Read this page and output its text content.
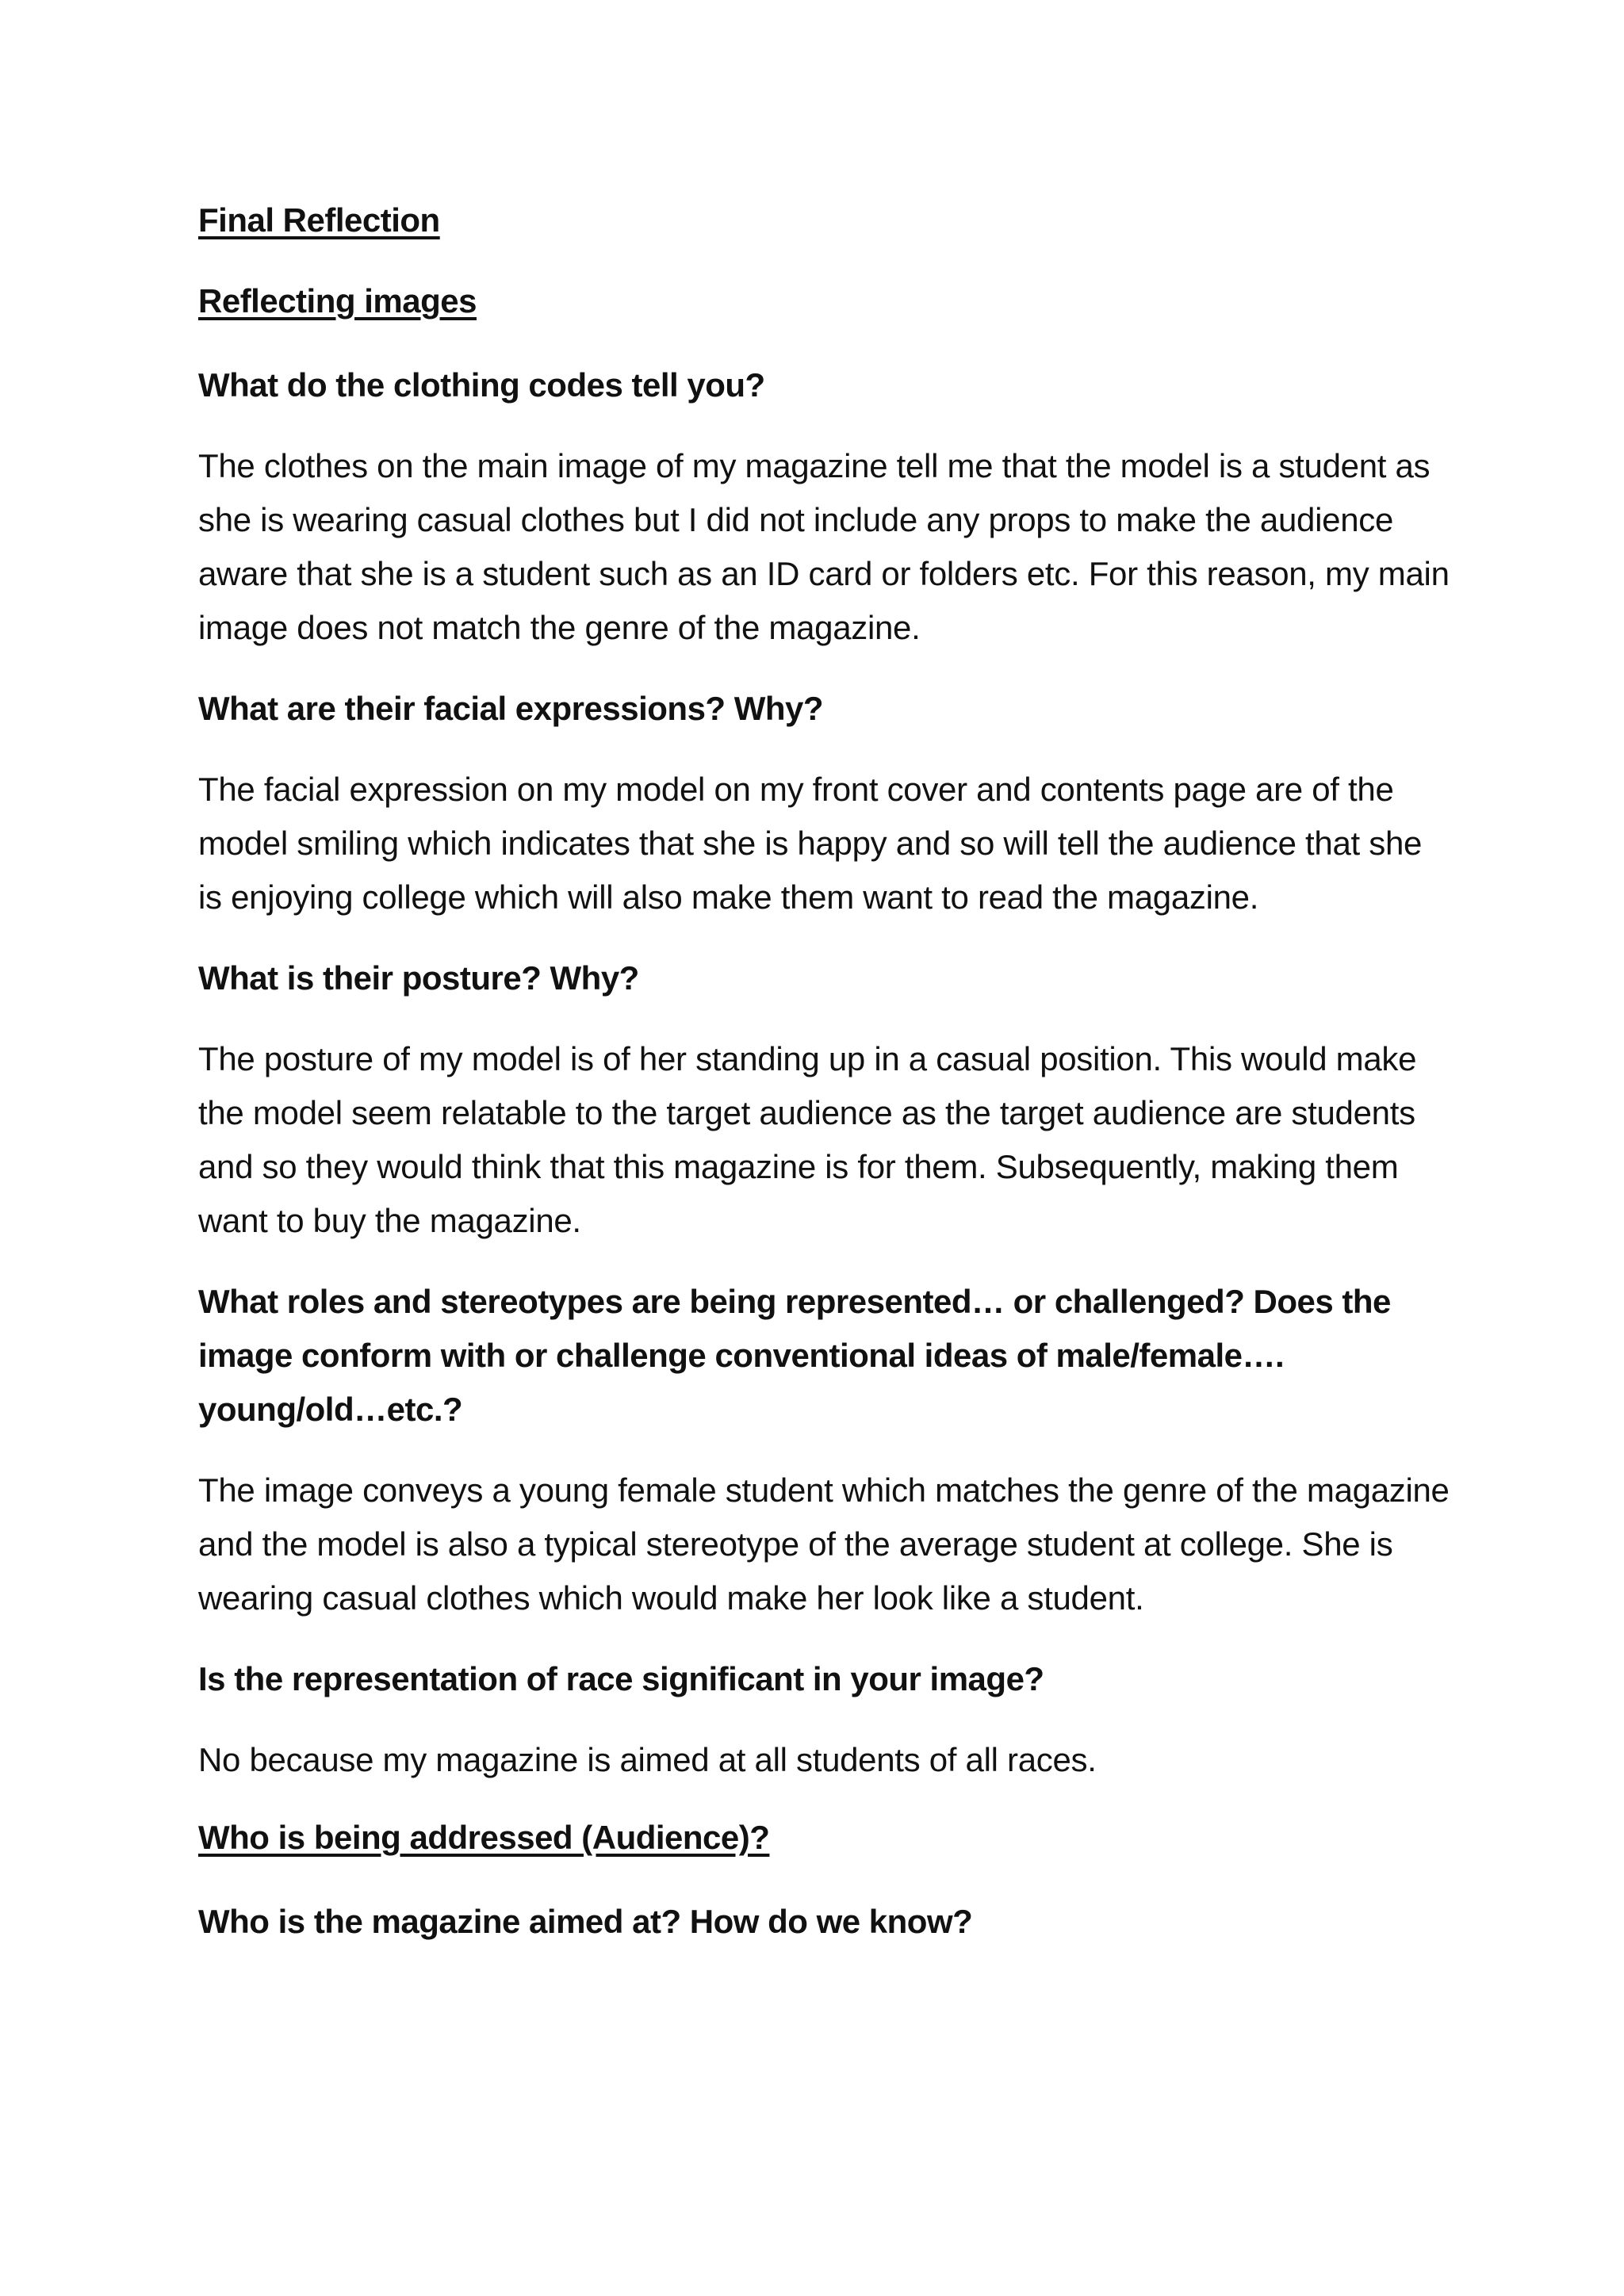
Final Reflection

Reflecting images

What do the clothing codes tell you?

The clothes on the main image of my magazine tell me that the model is a student as she is wearing casual clothes but I did not include any props to make the audience aware that she is a student such as an ID card or folders etc. For this reason, my main image does not match the genre of the magazine.

What are their facial expressions? Why?

The facial expression on my model on my front cover and contents page are of the model smiling which indicates that she is happy and so will tell the audience that she is enjoying college which will also make them want to read the magazine.

What is their posture? Why?

The posture of my model is of her standing up in a casual position. This would make the model seem relatable to the target audience as the target audience are students and so they would think that this magazine is for them. Subsequently, making them want to buy the magazine.

What roles and stereotypes are being represented… or challenged? Does the image conform with or challenge conventional ideas of male/female…. young/old…etc.?

The image conveys a young female student which matches the genre of the magazine and the model is also a typical stereotype of the average student at college. She is wearing casual clothes which would make her look like a student.

Is the representation of race significant in your image?

No because my magazine is aimed at all students of all races.

Who is being addressed (Audience)?

Who is the magazine aimed at? How do we know?
